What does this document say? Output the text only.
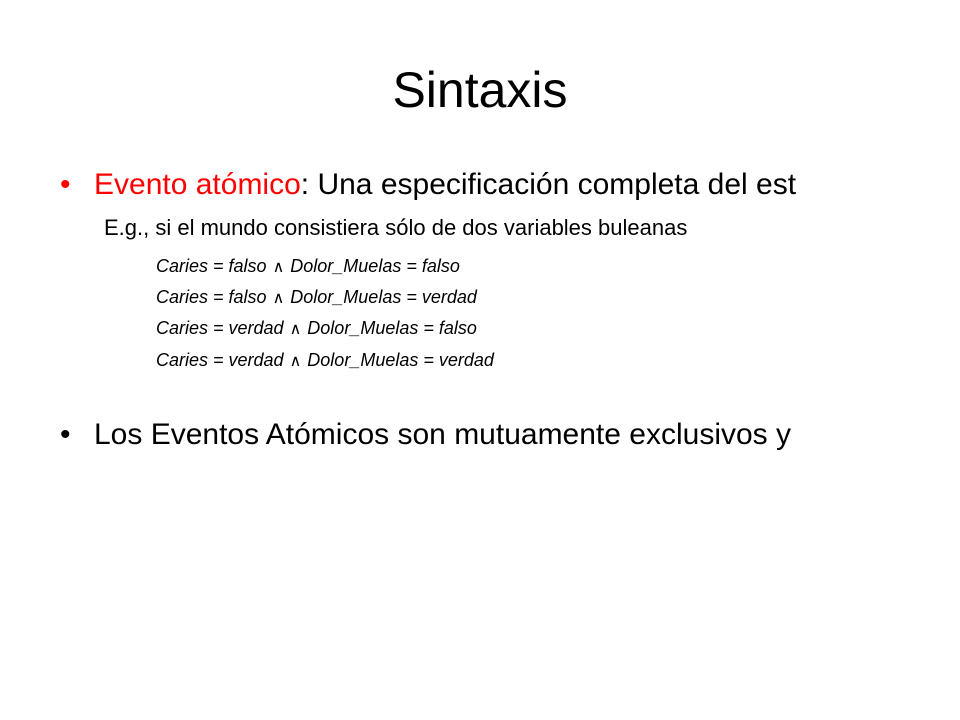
Sintaxis
• Evento atómico: Una especificación completa del est
E.g., si el mundo consistiera sólo de dos variables buleanas
Caries = falso ∧ Dolor_Muelas = falso
Caries = falso ∧ Dolor_Muelas = verdad
Caries = verdad ∧ Dolor_Muelas = falso
Caries = verdad ∧ Dolor_Muelas = verdad
• Los Eventos Atómicos son mutuamente exclusivos y
